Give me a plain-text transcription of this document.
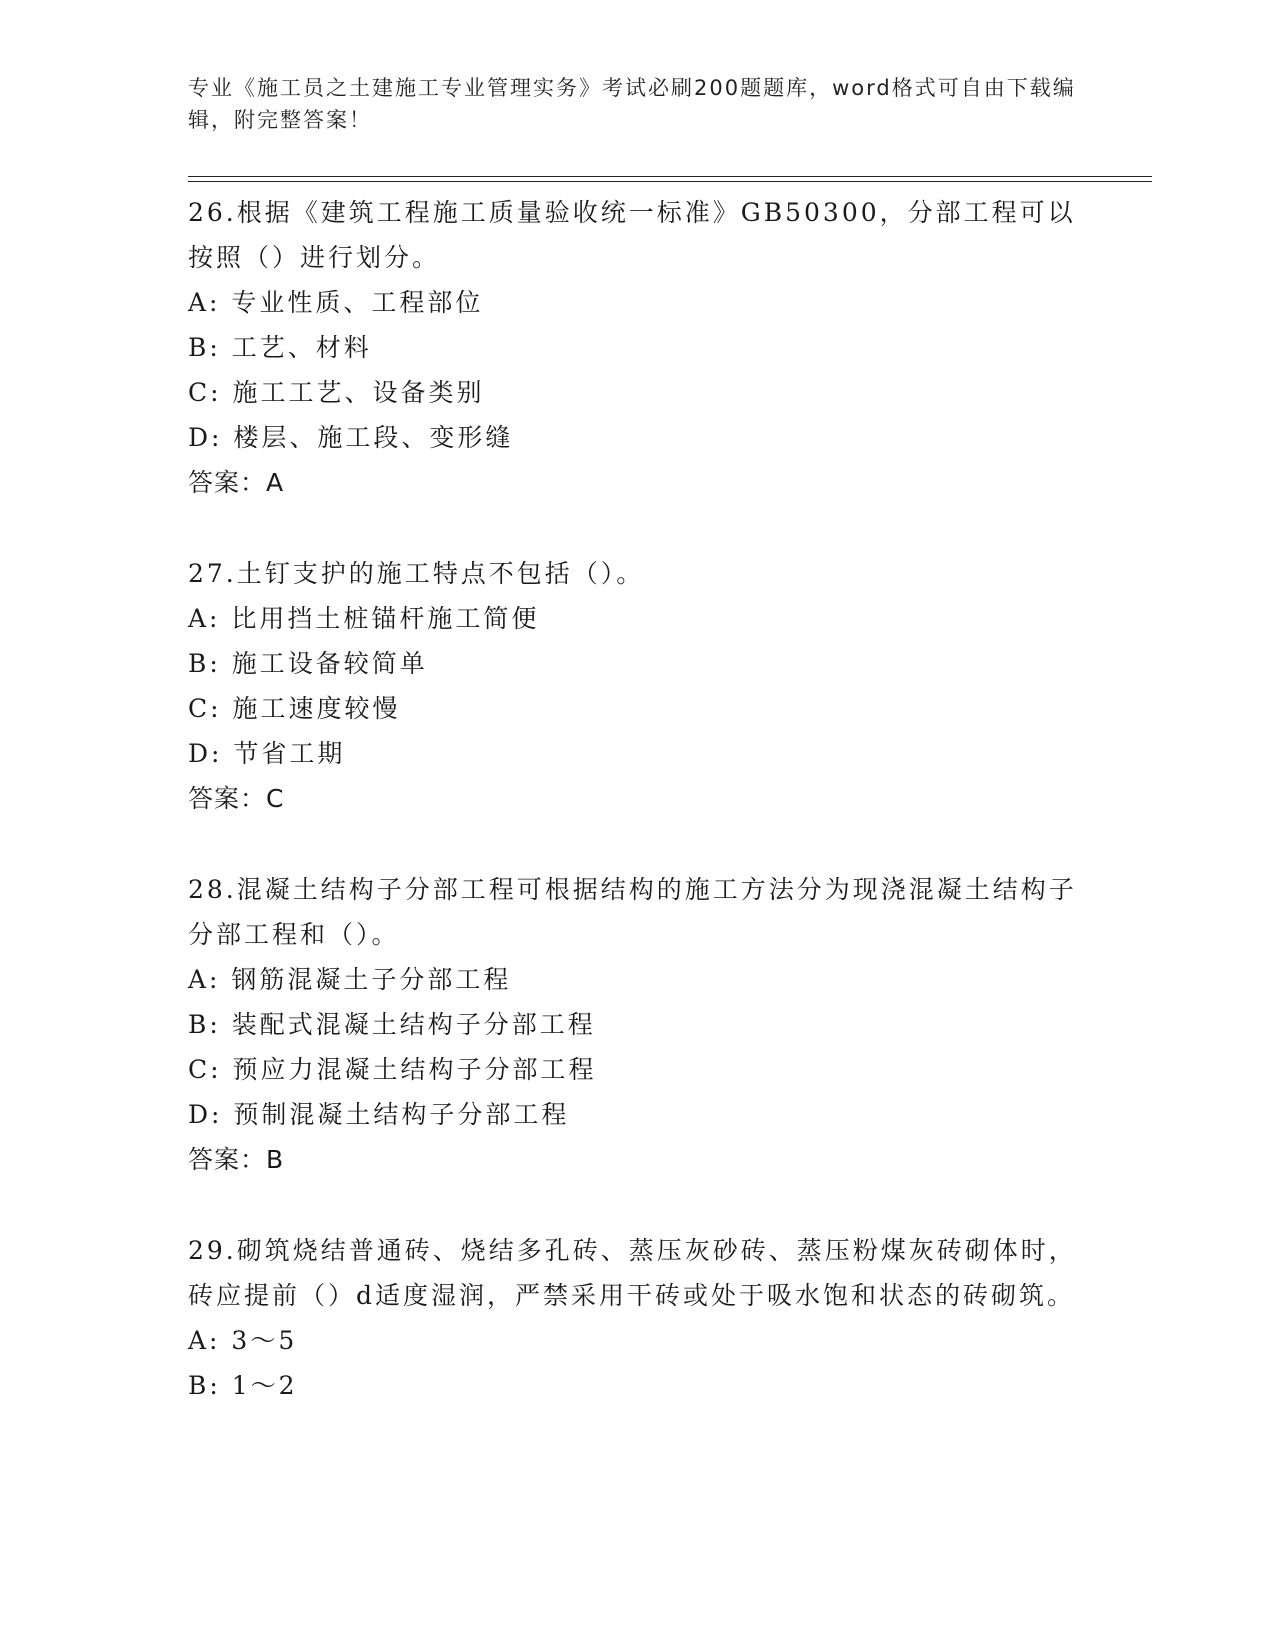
专业《施工员之土建施工专业管理实务》考试必刷200题题库，word格式可自由下载编辑，附完整答案！
26.根据《建筑工程施工质量验收统一标准》GB50300，分部工程可以按照（）进行划分。
A: 专业性质、工程部位
B: 工艺、材料
C: 施工工艺、设备类别
D: 楼层、施工段、变形缝
答案：A
27.土钉支护的施工特点不包括（）。
A: 比用挡土桩锚杆施工简便
B: 施工设备较简单
C: 施工速度较慢
D: 节省工期
答案：C
28.混凝土结构子分部工程可根据结构的施工方法分为现浇混凝土结构子分部工程和（）。
A: 钢筋混凝土子分部工程
B: 装配式混凝土结构子分部工程
C: 预应力混凝土结构子分部工程
D: 预制混凝土结构子分部工程
答案：B
29.砌筑烧结普通砖、烧结多孔砖、蒸压灰砂砖、蒸压粉煤灰砖砌体时，砖应提前（）d适度湿润，严禁采用干砖或处于吸水饱和状态的砖砌筑。
A: 3～5
B: 1～2
